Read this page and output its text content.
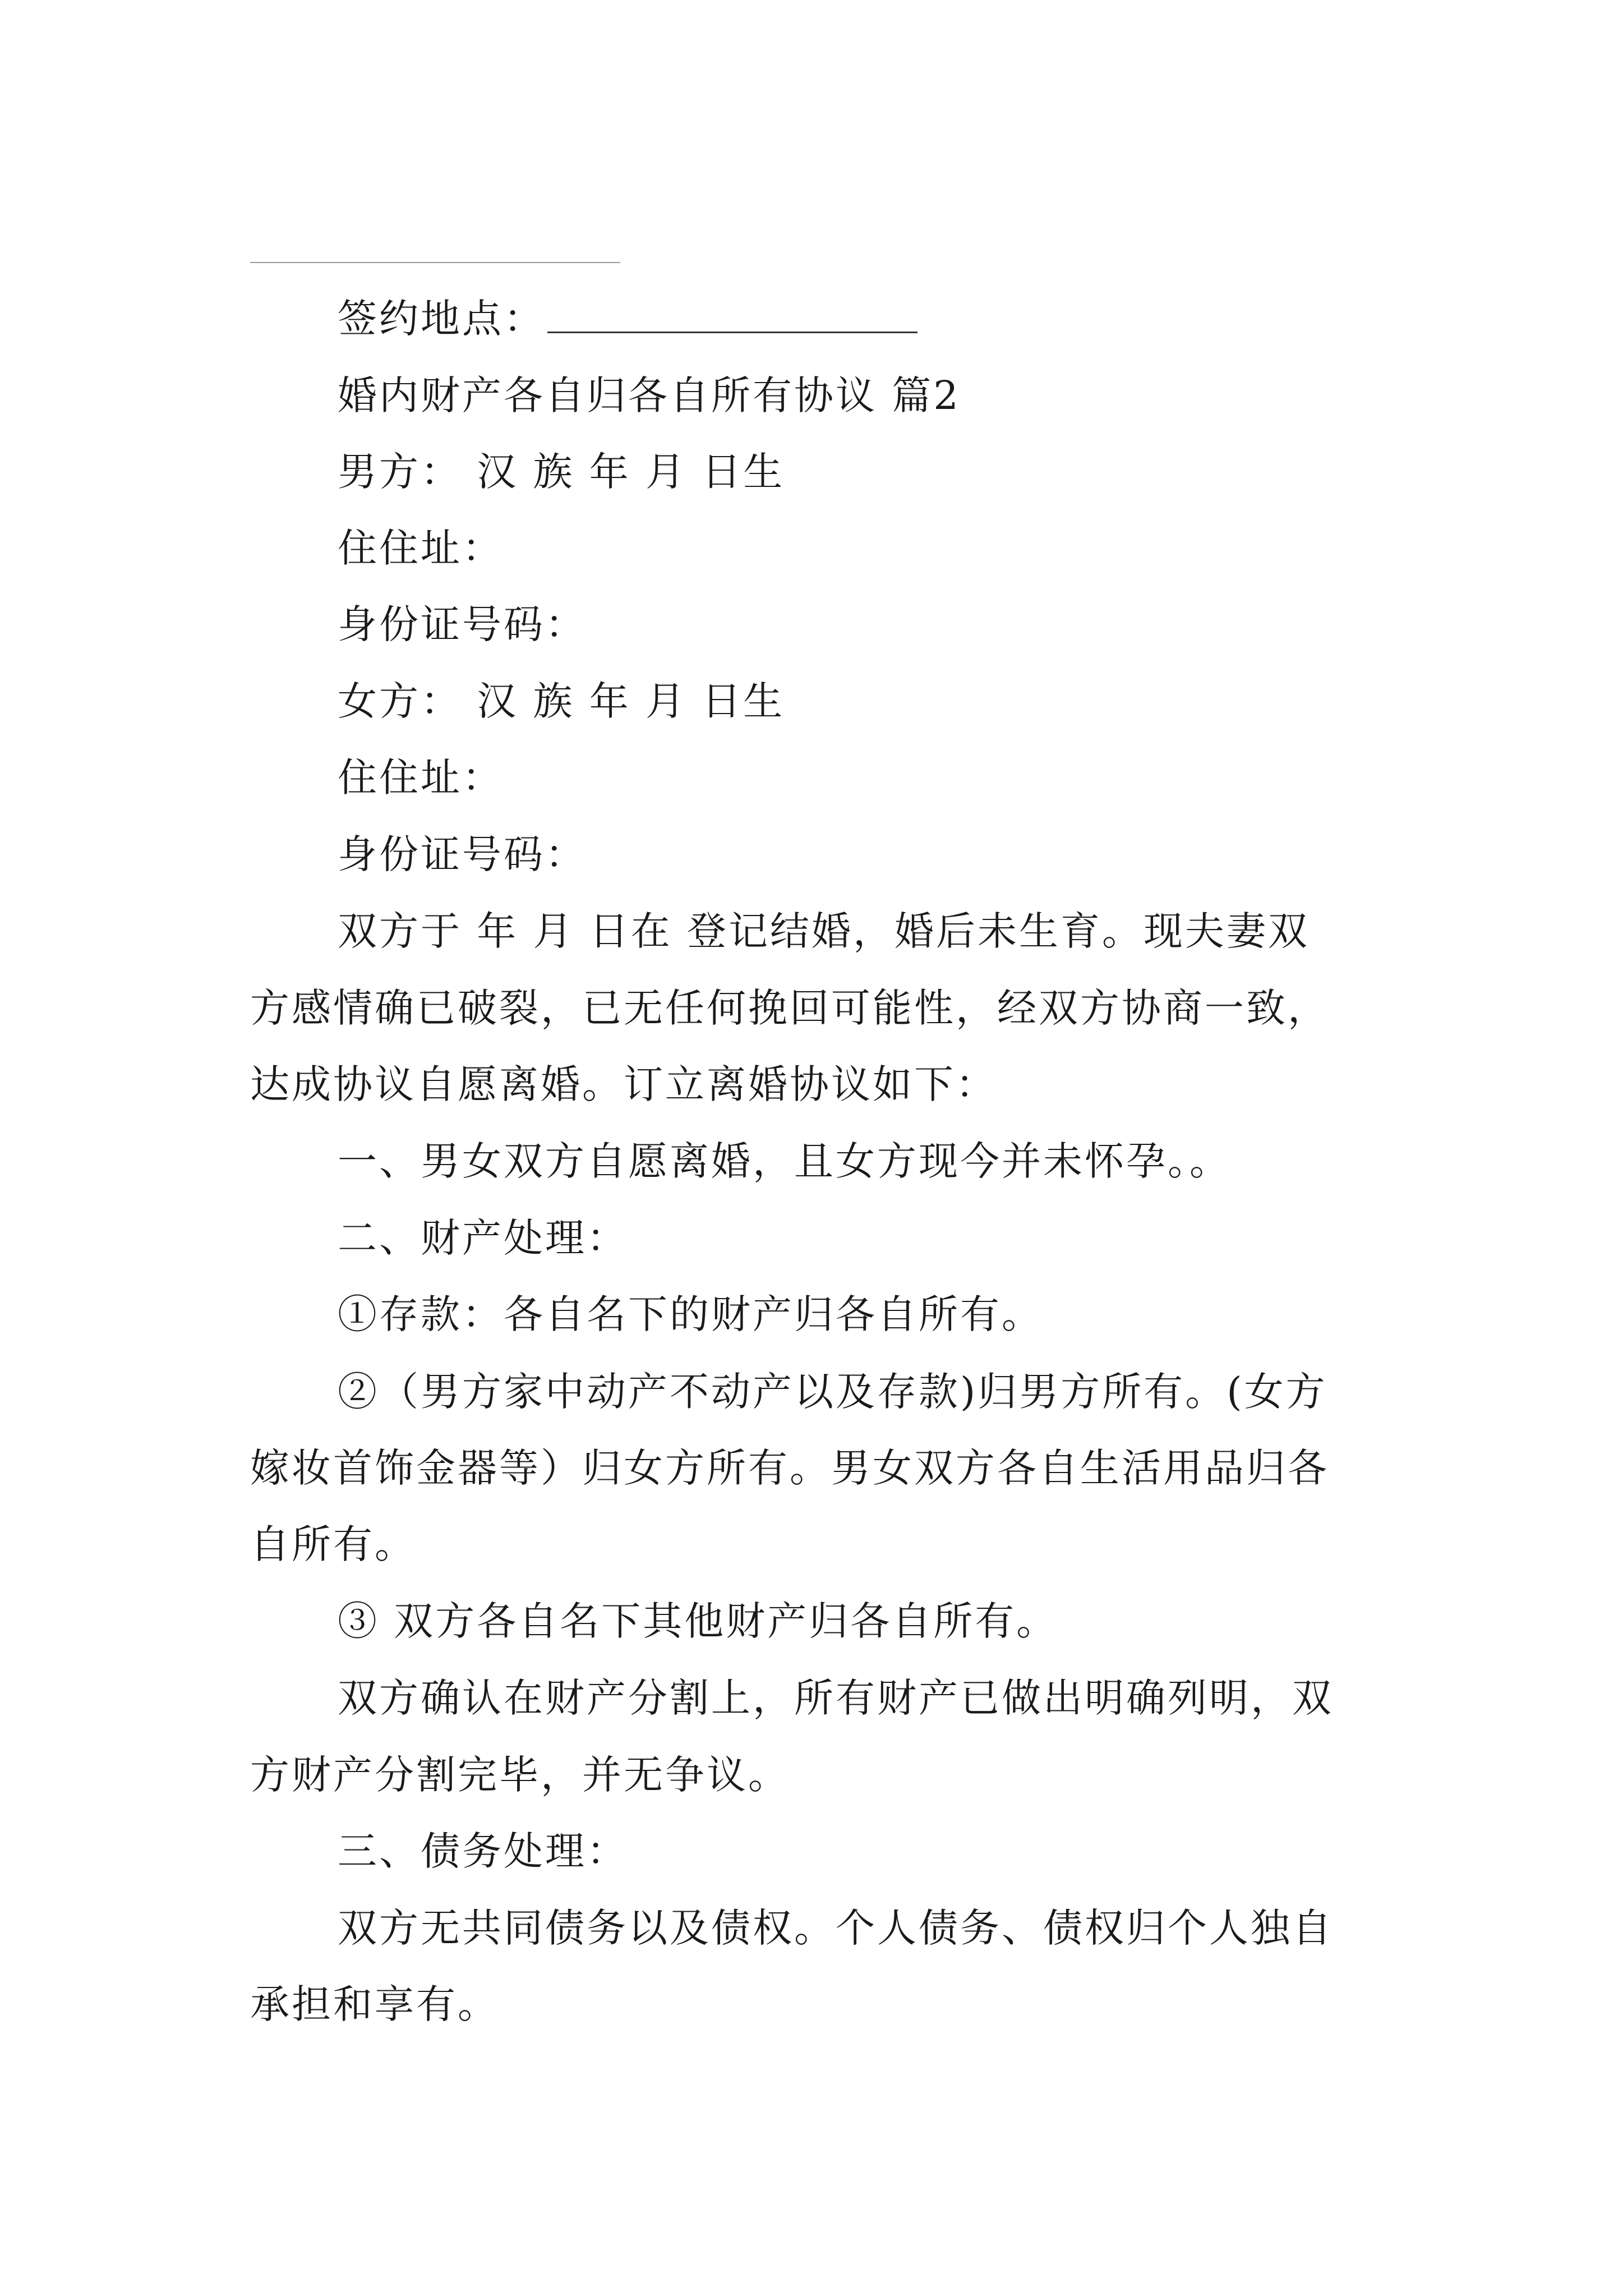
签约地点：
婚内财产各自归各自所有协议 篇2
男方： 汉 族 年 月 日生
住住址：
身份证号码：
女方： 汉 族 年 月 日生
住住址：
身份证号码：
双方于 年 月 日在 登记结婚，婚后未生育。现夫妻双
方感情确已破裂，已无任何挽回可能性，经双方协商一致，
达成协议自愿离婚。订立离婚协议如下：
一、男女双方自愿离婚，且女方现今并未怀孕。。
二、财产处理：
①存款：各自名下的财产归各自所有。
②（男方家中动产不动产以及存款)归男方所有。(女方
嫁妆首饰金器等）归女方所有。男女双方各自生活用品归各
自所有。
③ 双方各自名下其他财产归各自所有。
双方确认在财产分割上，所有财产已做出明确列明，双
方财产分割完毕，并无争议。
三、债务处理：
双方无共同债务以及债权。个人债务、债权归个人独自
承担和享有。
